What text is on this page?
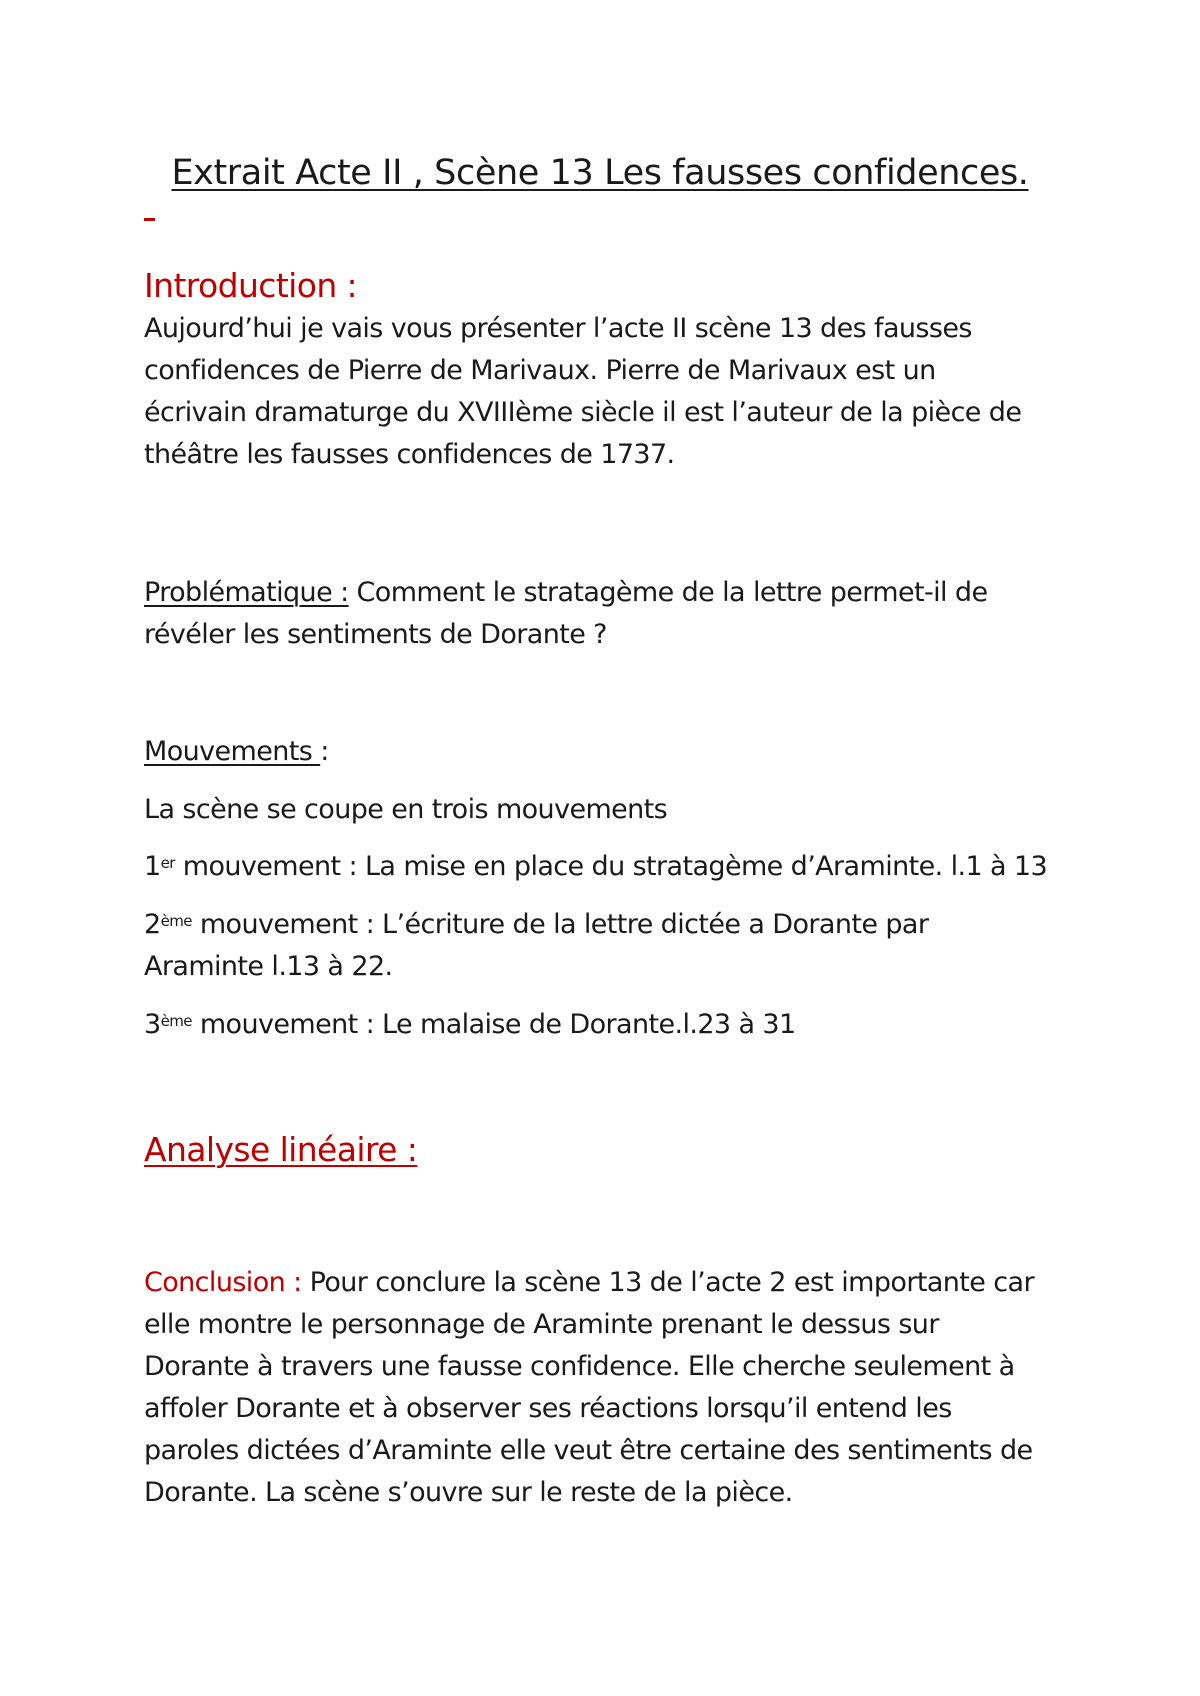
Extrait Acte II , Scène 13 Les fausses confidences.

Introduction :

Aujourd’hui je vais vous présenter l’acte II scène 13 des fausses

confidences de Pierre de Marivaux. Pierre de Marivaux est un

écrivain dramaturge du XVIIIème siècle il est l’auteur de la pièce de

théâtre les fausses confidences de 1737.

Problématique : Comment le stratagème de la lettre permet-il de

révéler les sentiments de Dorante ?

Mouvements :

La scène se coupe en trois mouvements

1er mouvement : La mise en place du stratagème d’Araminte. l.1 à 13

2ème mouvement : L’écriture de la lettre dictée a Dorante par

Araminte l.13 à 22.

3ème mouvement : Le malaise de Dorante.l.23 à 31

Analyse linéaire :

Conclusion : Pour conclure la scène 13 de l’acte 2 est importante car

elle montre le personnage de Araminte prenant le dessus sur

Dorante à travers une fausse confidence. Elle cherche seulement à

affoler Dorante et à observer ses réactions lorsqu’il entend les

paroles dictées d’Araminte elle veut être certaine des sentiments de

Dorante. La scène s’ouvre sur le reste de la pièce.
